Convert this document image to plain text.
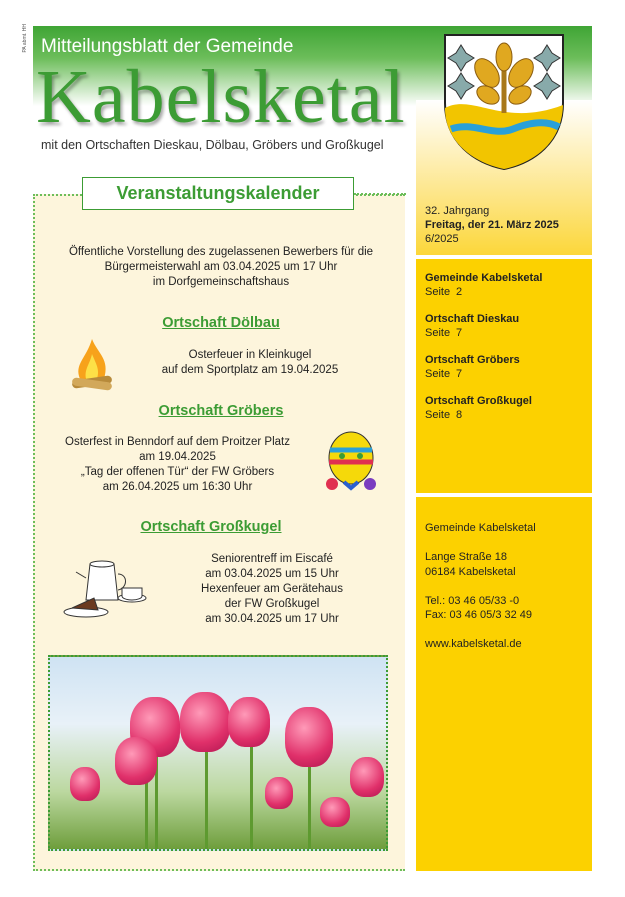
PA abmt. HH Mitteilungsblatt der Gemeinde
Kabelsketal
mit den Ortschaften Dieskau, Dölbau, Gröbers und Großkugel
32. Jahrgang
Freitag, der 21. März 2025
6/2025
Gemeinde Kabelsketal
Seite 2
Ortschaft Dieskau
Seite 7
Ortschaft Gröbers
Seite 7
Ortschaft Großkugel
Seite 8
Gemeinde Kabelsketal

Lange Straße 18
06184 Kabelsketal

Tel.: 03 46 05/33 -0
Fax: 03 46 05/3 32 49

www.kabelsketal.de
Veranstaltungskalender
Öffentliche Vorstellung des zugelassenen Bewerbers für die
Bürgermeisterwahl am 03.04.2025 um 17 Uhr
im Dorfgemeinschaftshaus
Ortschaft Dölbau
Osterfeuer in Kleinkugel
auf dem Sportplatz am 19.04.2025
Ortschaft Gröbers
Osterfest in Benndorf auf dem Proitzer Platz
am 19.04.2025
„Tag der offenen Tür“ der FW Gröbers
am 26.04.2025 um 16:30 Uhr
Ortschaft Großkugel
Seniorentreff im Eiscafé
am 03.04.2025 um 15 Uhr
Hexenfeuer am Gerätehaus
der FW Großkugel
am 30.04.2025 um 17 Uhr
